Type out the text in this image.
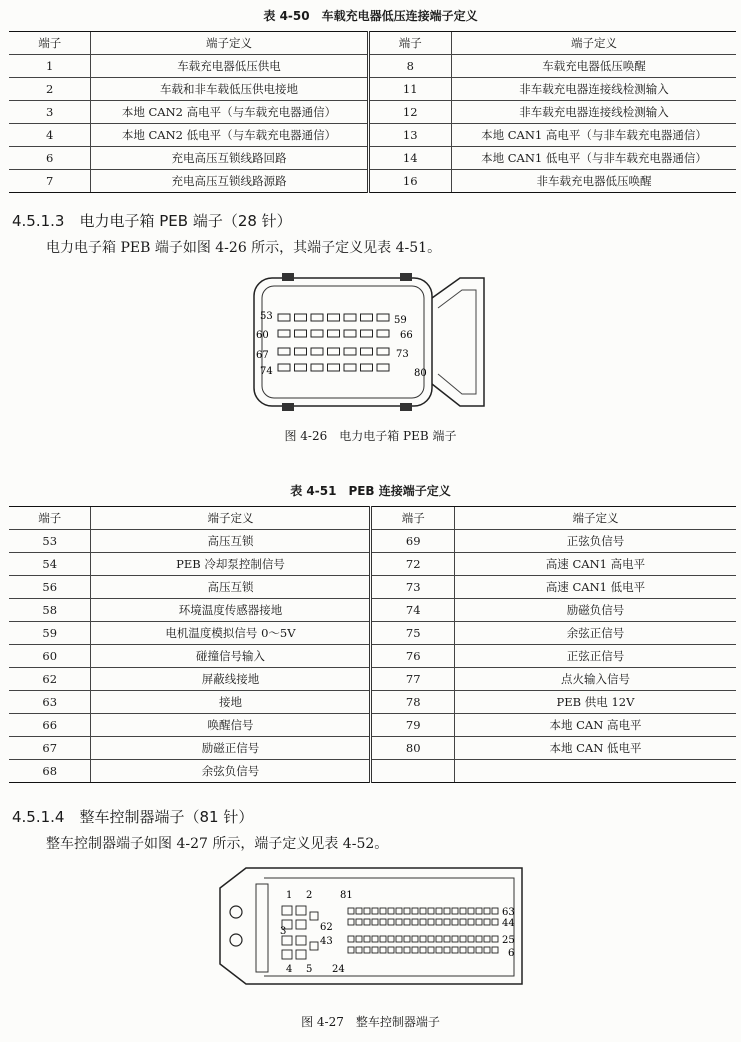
表 4-50　车载充电器低压连接端子定义
端子	端子定义	端子	端子定义
1	车载充电器低压供电	8	车载充电器低压唤醒
2	车载和非车载低压供电接地	11	非车载充电器连接线检测输入
3	本地 CAN2 高电平（与车载充电器通信）	12	非车载充电器连接线检测输入
4	本地 CAN2 低电平（与车载充电器通信）	13	本地 CAN1 高电平（与非车载充电器通信）
6	充电高压互锁线路回路	14	本地 CAN1 低电平（与非车载充电器通信）
7	充电高压互锁线路源路	16	非车载充电器低压唤醒
4.5.1.3　电力电子箱 PEB 端子（28 针）
电力电子箱 PEB 端子如图 4-26 所示，其端子定义见表 4-51。
53	59
60	66
67	73
74	80
图 4-26　电力电子箱 PEB 端子
表 4-51　PEB 连接端子定义
端子	端子定义	端子	端子定义
53	高压互锁	69	正弦负信号
54	PEB 冷却泵控制信号	72	高速 CAN1 高电平
56	高压互锁	73	高速 CAN1 低电平
58	环境温度传感器接地	74	励磁负信号
59	电机温度模拟信号 0～5V	75	余弦正信号
60	碰撞信号输入	76	正弦正信号
62	屏蔽线接地	77	点火输入信号
63	接地	78	PEB 供电 12V
66	唤醒信号	79	本地 CAN 高电平
67	励磁正信号	80	本地 CAN 低电平
68	余弦负信号		
4.5.1.4　整车控制器端子（81 针）
整车控制器端子如图 4-27 所示，端子定义见表 4-52。
1 2	81
62
3
43
63
44
25
6
4 5 24
图 4-27　整车控制器端子
